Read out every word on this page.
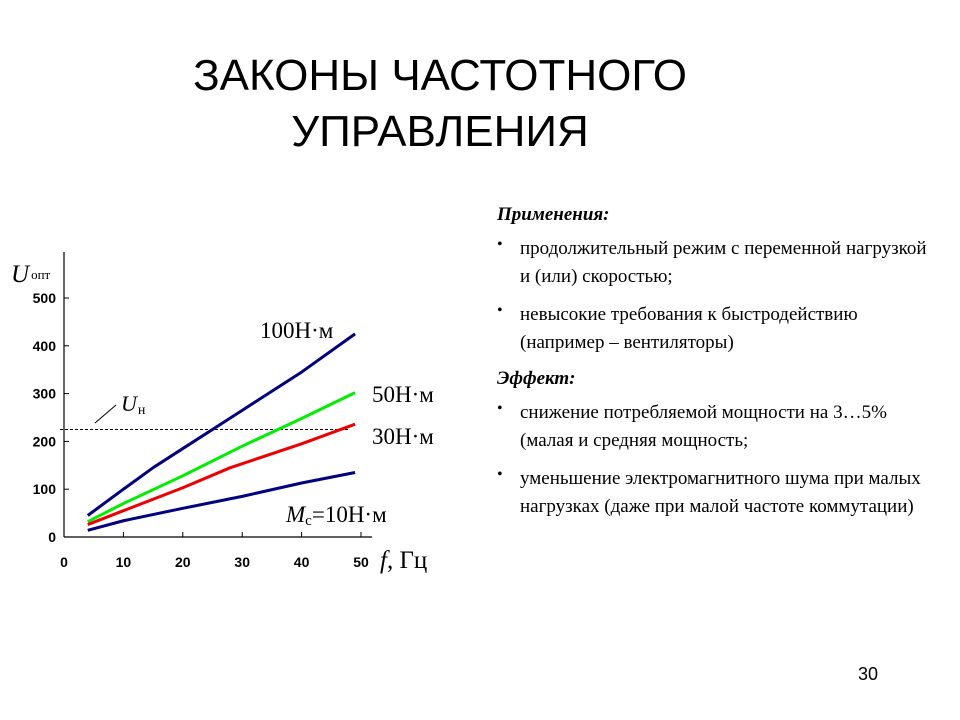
ЗАКОНЫ ЧАСТОТНОГО
УПРАВЛЕНИЯ
0	10	20	30	40	50
0
100
200
300
400
500
Uн
100Н·м
50Н·м
30Н·м
Mс=10Н·м
Uопт
f, Гц
Применения:
• продолжительный режим с переменной нагрузкой и (или) скоростью;
• невысокие требования к быстродействию (например – вентиляторы)
Эффект:
• снижение потребляемой мощности на 3…5% (малая и средняя мощность;
• уменьшение электромагнитного шума при малых нагрузках (даже при малой частоте коммутации)
30
